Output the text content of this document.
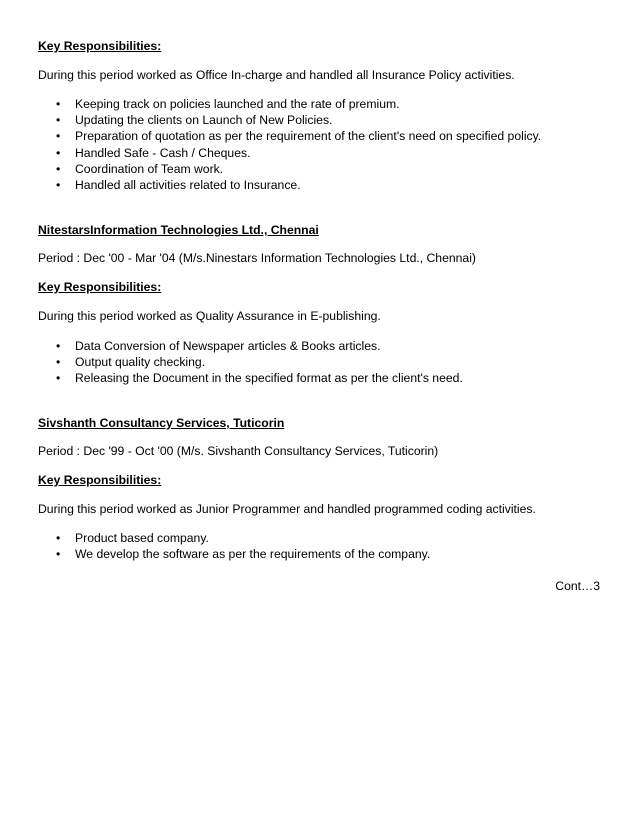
Key Responsibilities:
During this period worked as Office In-charge and handled all Insurance Policy activities.
• Keeping track on policies launched and the rate of premium.
• Updating the clients on Launch of New Policies.
• Preparation of quotation as per the requirement of the client's need on specified policy.
• Handled Safe - Cash / Cheques.
• Coordination of Team work.
• Handled all activities related to Insurance.
NitestarsInformation Technologies Ltd., Chennai
Period : Dec '00 - Mar '04 (M/s.Ninestars Information Technologies Ltd., Chennai)
Key Responsibilities:
During this period worked as Quality Assurance in E-publishing.
• Data Conversion of Newspaper articles & Books articles.
• Output quality checking.
• Releasing the Document in the specified format as per the client's need.
Sivshanth Consultancy Services, Tuticorin
Period : Dec '99 - Oct '00 (M/s. Sivshanth Consultancy Services, Tuticorin)
Key Responsibilities:
During this period worked as Junior Programmer and handled programmed coding activities.
• Product based company.
• We develop the software as per the requirements of the company.
Cont…3
